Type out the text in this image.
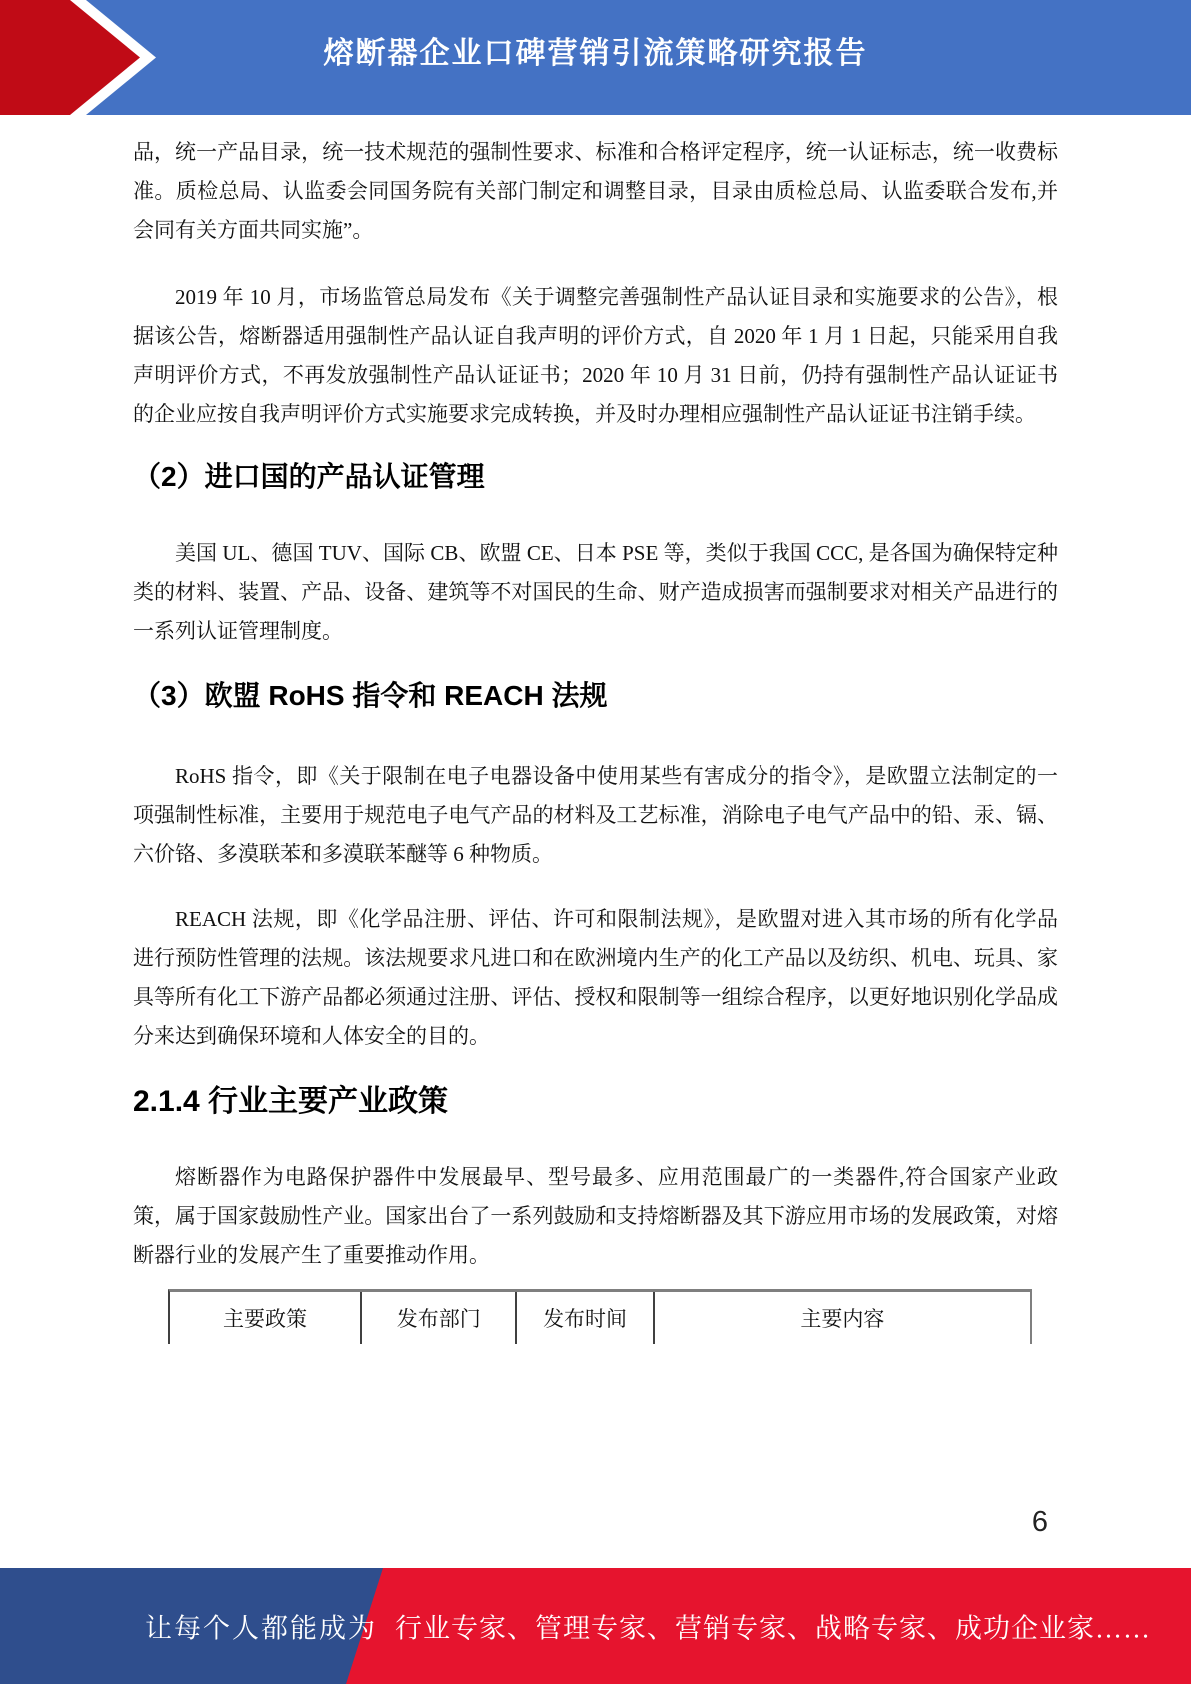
熔断器企业口碑营销引流策略研究报告

品，统一产品目录，统一技术规范的强制性要求、标准和合格评定程序，统一认证标志，统一收费标准。质检总局、认监委会同国务院有关部门制定和调整目录，目录由质检总局、认监委联合发布,并会同有关方面共同实施”。

2019 年 10 月，市场监管总局发布《关于调整完善强制性产品认证目录和实施要求的公告》，根据该公告，熔断器适用强制性产品认证自我声明的评价方式，自 2020 年 1 月 1 日起，只能采用自我声明评价方式，不再发放强制性产品认证证书；2020 年 10 月 31 日前，仍持有强制性产品认证证书的企业应按自我声明评价方式实施要求完成转换，并及时办理相应强制性产品认证证书注销手续。

（2）进口国的产品认证管理

美国 UL、德国 TUV、国际 CB、欧盟 CE、日本 PSE 等，类似于我国 CCC, 是各国为确保特定种类的材料、装置、产品、设备、建筑等不对国民的生命、财产造成损害而强制要求对相关产品进行的一系列认证管理制度。

（3）欧盟 RoHS 指令和 REACH 法规

RoHS 指令，即《关于限制在电子电器设备中使用某些有害成分的指令》，是欧盟立法制定的一项强制性标准，主要用于规范电子电气产品的材料及工艺标准，消除电子电气产品中的铅、汞、镉、六价铬、多漠联苯和多漠联苯醚等 6 种物质。

REACH 法规，即《化学品注册、评估、许可和限制法规》，是欧盟对进入其市场的所有化学品进行预防性管理的法规。该法规要求凡进口和在欧洲境内生产的化工产品以及纺织、机电、玩具、家具等所有化工下游产品都必须通过注册、评估、授权和限制等一组综合程序，以更好地识别化学品成分来达到确保环境和人体安全的目的。

2.1.4 行业主要产业政策

熔断器作为电路保护器件中发展最早、型号最多、应用范围最广的一类器件,符合国家产业政策，属于国家鼓励性产业。国家出台了一系列鼓励和支持熔断器及其下游应用市场的发展政策，对熔断器行业的发展产生了重要推动作用。

主要政策	发布部门	发布时间	主要内容
6
让每个人都能成为 行业专家、管理专家、营销专家、战略专家、成功企业家……
